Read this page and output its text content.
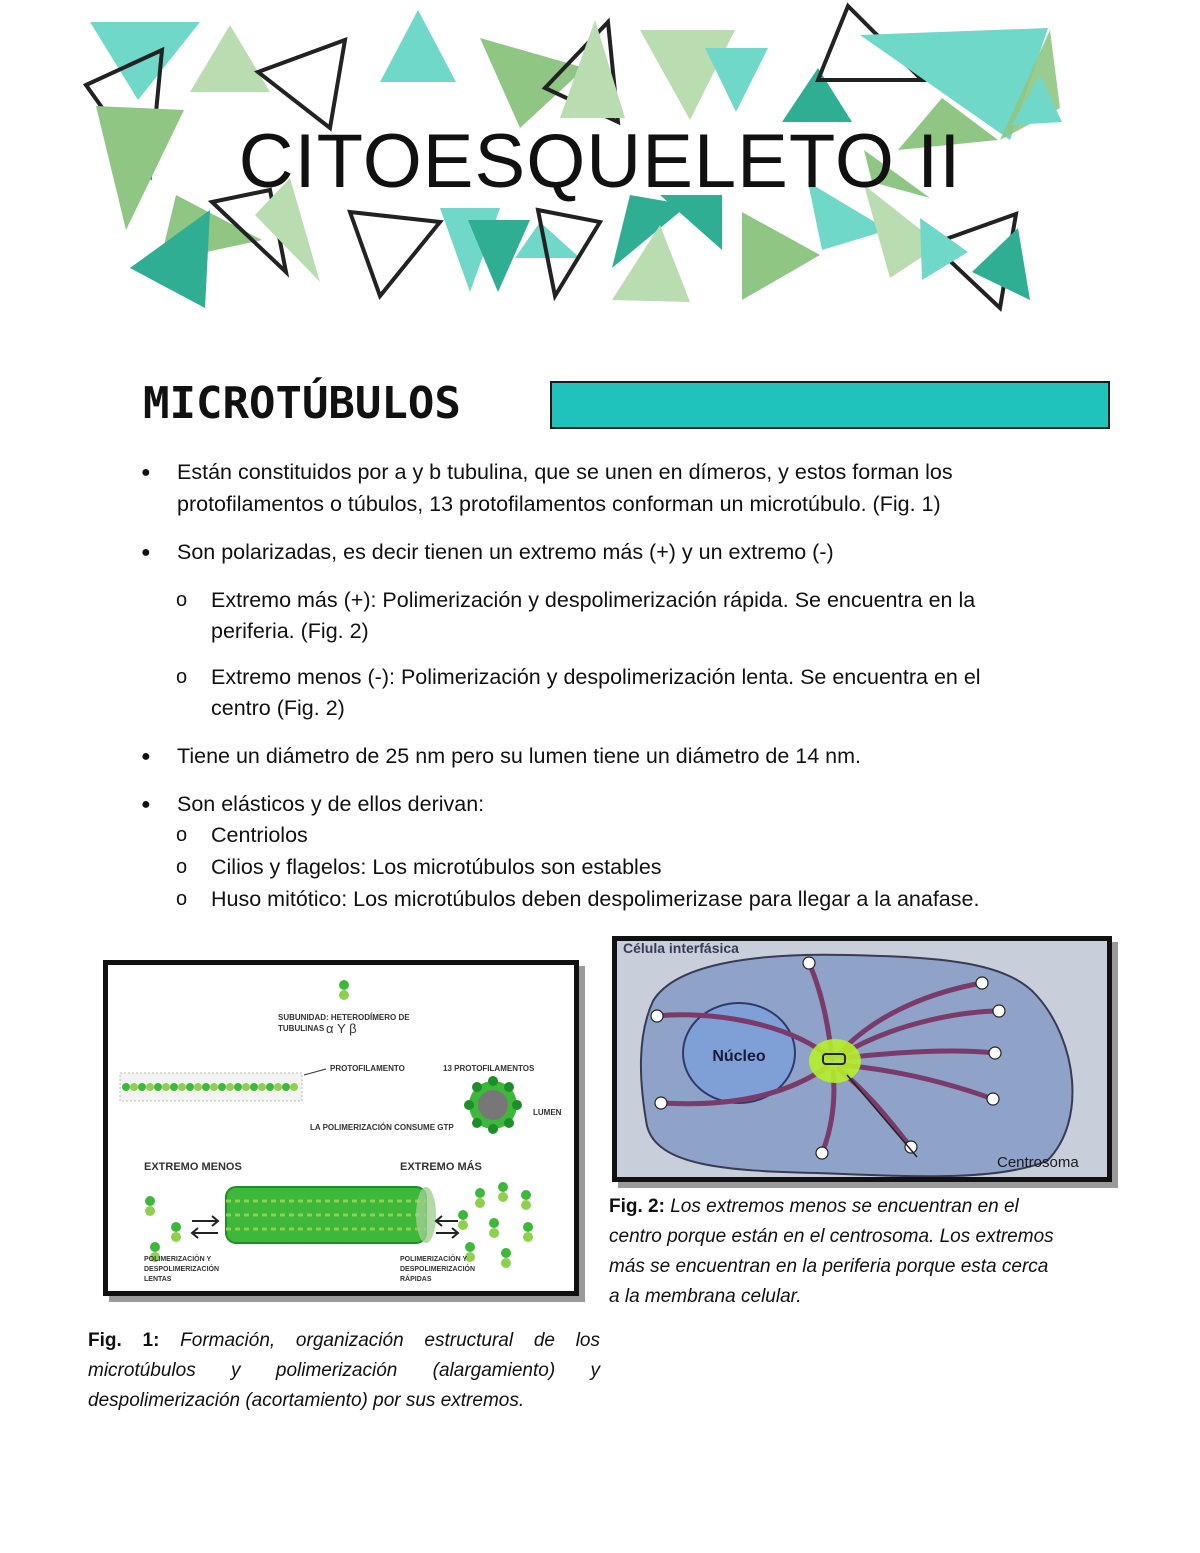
CITOESQUELETO II
MICROTÚBULOS
● Están constituidos por a y b tubulina, que se unen en dímeros, y estos forman los
protofilamentos o túbulos, 13 protofilamentos conforman un microtúbulo. (Fig. 1)
● Son polarizadas, es decir tienen un extremo más (+) y un extremo (-)
o Extremo más (+): Polimerización y despolimerización rápida. Se encuentra en la
periferia. (Fig. 2)
o Extremo menos (-): Polimerización y despolimerización lenta. Se encuentra en el
centro (Fig. 2)
● Tiene un diámetro de 25 nm pero su lumen tiene un diámetro de 14 nm.
● Son elásticos y de ellos derivan:
o Centriolos
o Cilios y flagelos: Los microtúbulos son estables
o Huso mitótico: Los microtúbulos deben despolimerizase para llegar a la anafase.
SUBUNIDAD: HETERODÍMERO DE
TUBULINAS α Y β
PROTOFILAMENTO	13 PROTOFILAMENTOS
LUMEN
LA POLIMERIZACIÓN CONSUME GTP
EXTREMO MENOS	EXTREMO MÁS
POLIMERIZACIÓN Y
DESPOLIMERIZACIÓN
LENTAS
POLIMERIZACIÓN Y
DESPOLIMERIZACIÓN
RÁPIDAS
Fig. 1: Formación, organización estructural de los
microtúbulos y polimerización (alargamiento) y
despolimerización (acortamiento) por sus extremos.
Célula interfásica
Núcleo
Centrosoma
Fig. 2: Los extremos menos se encuentran en el
centro porque están en el centrosoma. Los extremos
más se encuentran en la periferia porque esta cerca
a la membrana celular.
